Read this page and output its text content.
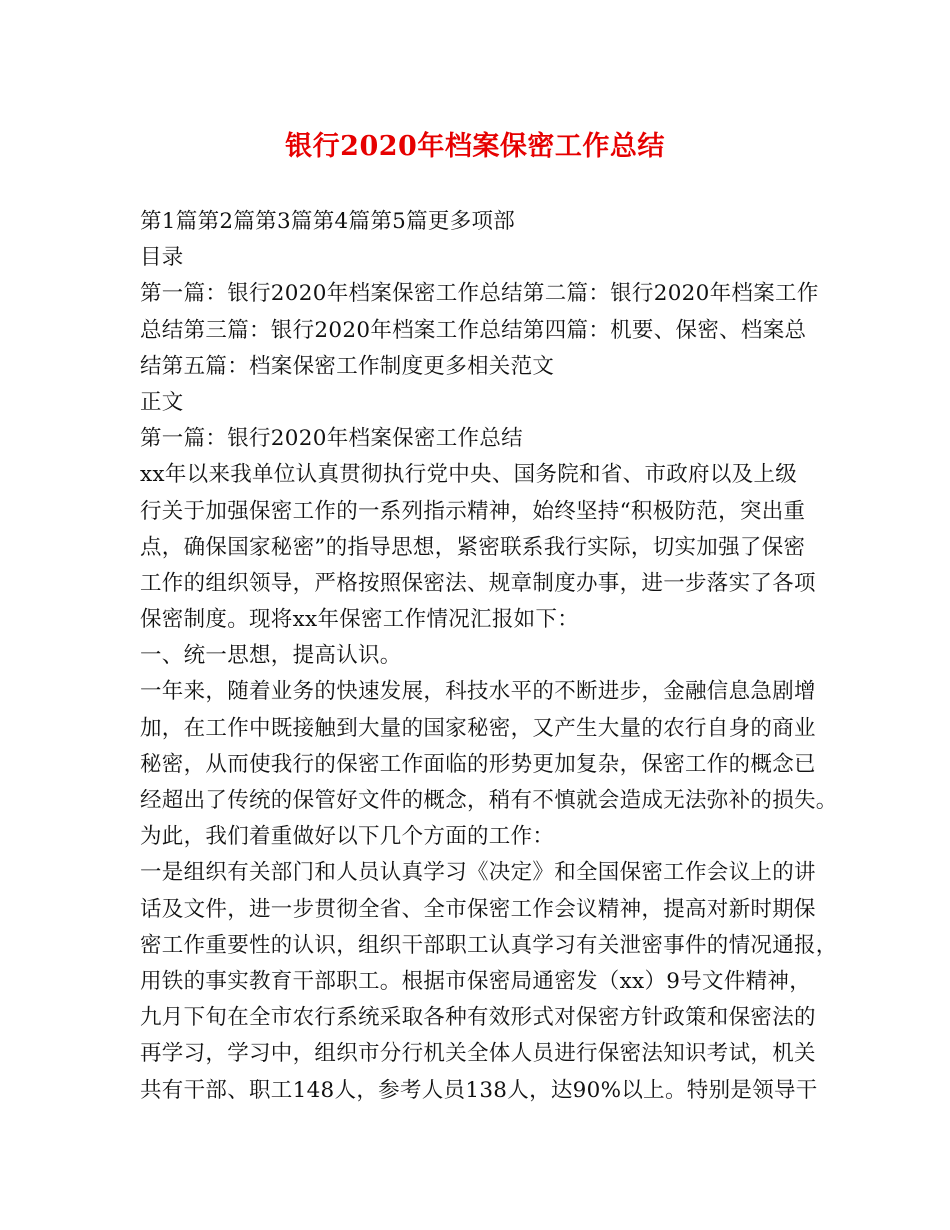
银行2020年档案保密工作总结
第1篇第2篇第3篇第4篇第5篇更多项部
目录
第一篇：银行2020年档案保密工作总结第二篇：银行2020年档案工作
总结第三篇：银行2020年档案工作总结第四篇：机要、保密、档案总
结第五篇：档案保密工作制度更多相关范文
正文
第一篇：银行2020年档案保密工作总结
xx年以来我单位认真贯彻执行党中央、国务院和省、市政府以及上级
行关于加强保密工作的一系列指示精神，始终坚持“积极防范，突出重
点，确保国家秘密”的指导思想，紧密联系我行实际，切实加强了保密
工作的组织领导，严格按照保密法、规章制度办事，进一步落实了各项
保密制度。现将xx年保密工作情况汇报如下：
一、统一思想，提高认识。
一年来，随着业务的快速发展，科技水平的不断进步，金融信息急剧增
加，在工作中既接触到大量的国家秘密，又产生大量的农行自身的商业
秘密，从而使我行的保密工作面临的形势更加复杂，保密工作的概念已
经超出了传统的保管好文件的概念，稍有不慎就会造成无法弥补的损失。
为此，我们着重做好以下几个方面的工作：
一是组织有关部门和人员认真学习《决定》和全国保密工作会议上的讲
话及文件，进一步贯彻全省、全市保密工作会议精神，提高对新时期保
密工作重要性的认识，组织干部职工认真学习有关泄密事件的情况通报，
用铁的事实教育干部职工。根据市保密局通密发（xx）9号文件精神，
九月下旬在全市农行系统采取各种有效形式对保密方针政策和保密法的
再学习，学习中，组织市分行机关全体人员进行保密法知识考试，机关
共有干部、职工148人，参考人员138人，达90%以上。特别是领导干
